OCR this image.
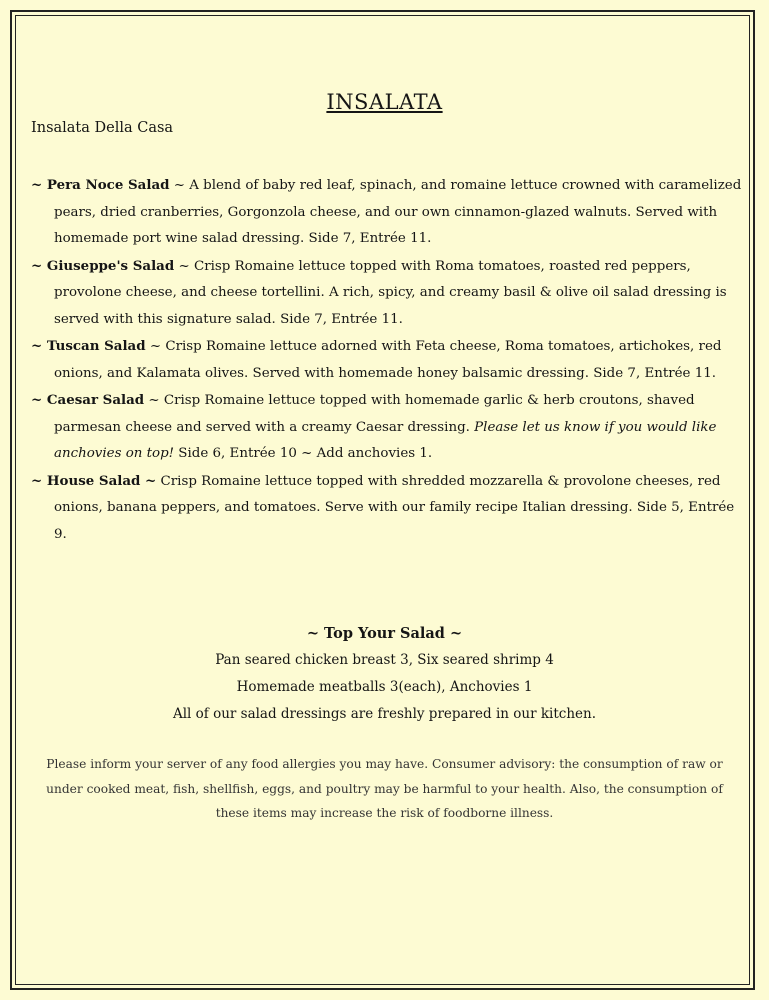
INSALATA
Insalata Della Casa
~ Pera Noce Salad ~ A blend of baby red leaf, spinach, and romaine lettuce crowned with caramelized pears, dried cranberries, Gorgonzola cheese, and our own cinnamon-glazed walnuts. Served with homemade port wine salad dressing. Side 7, Entrée 11.
~ Giuseppe's Salad ~ Crisp Romaine lettuce topped with Roma tomatoes, roasted red peppers, provolone cheese, and cheese tortellini. A rich, spicy, and creamy basil & olive oil salad dressing is served with this signature salad. Side 7, Entrée 11.
~ Tuscan Salad ~ Crisp Romaine lettuce adorned with Feta cheese, Roma tomatoes, artichokes, red onions, and Kalamata olives. Served with homemade honey balsamic dressing. Side 7, Entrée 11.
~ Caesar Salad ~ Crisp Romaine lettuce topped with homemade garlic & herb croutons, shaved parmesan cheese and served with a creamy Caesar dressing. Please let us know if you would like anchovies on top! Side 6, Entrée 10 ~ Add anchovies 1.
~ House Salad ~ Crisp Romaine lettuce topped with shredded mozzarella & provolone cheeses, red onions, banana peppers, and tomatoes. Serve with our family recipe Italian dressing. Side 5, Entrée 9.
~ Top Your Salad ~
Pan seared chicken breast 3, Six seared shrimp 4
Homemade meatballs 3(each), Anchovies 1
All of our salad dressings are freshly prepared in our kitchen.
Please inform your server of any food allergies you may have. Consumer advisory: the consumption of raw or under cooked meat, fish, shellfish, eggs, and poultry may be harmful to your health. Also, the consumption of these items may increase the risk of foodborne illness.
